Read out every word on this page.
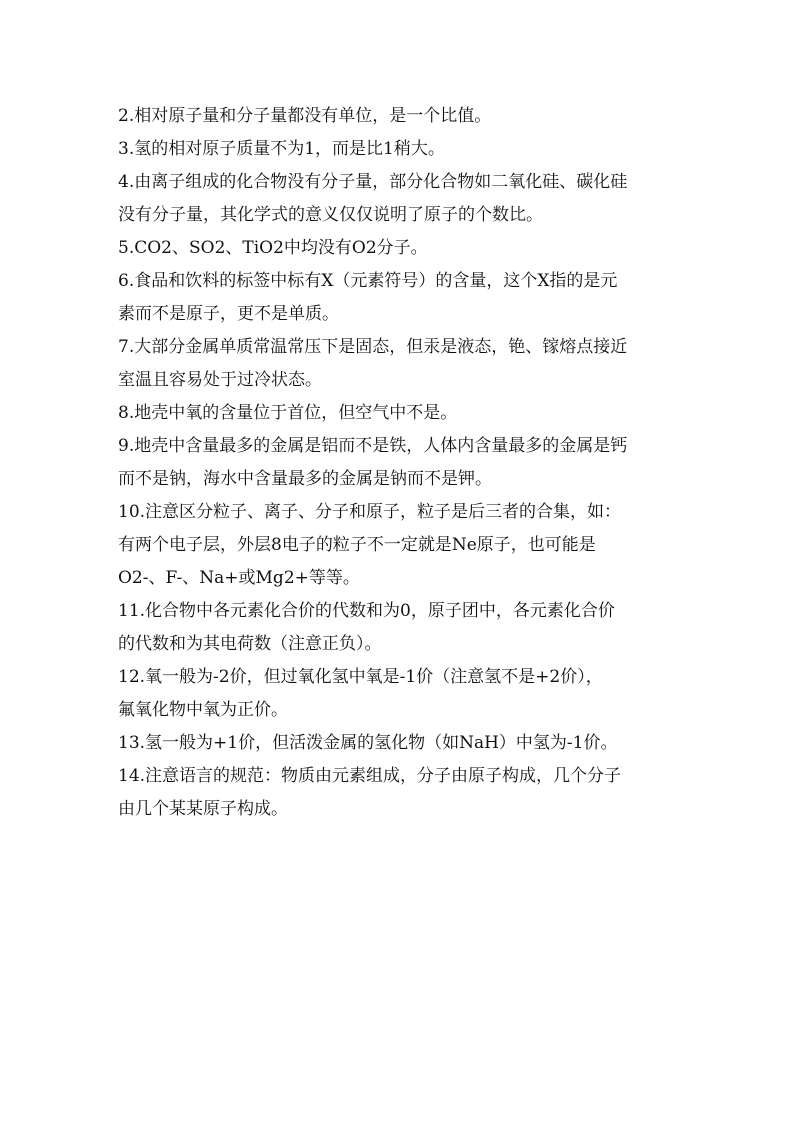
2.相对原子量和分子量都没有单位，是一个比值。
3.氢的相对原子质量不为1，而是比1稍大。
4.由离子组成的化合物没有分子量，部分化合物如二氧化硅、碳化硅
没有分子量，其化学式的意义仅仅说明了原子的个数比。
5.CO2、SO2、TiO2中均没有O2分子。
6.食品和饮料的标签中标有X（元素符号）的含量，这个X指的是元
素而不是原子，更不是单质。
7.大部分金属单质常温常压下是固态，但汞是液态，铯、镓熔点接近
室温且容易处于过冷状态。
8.地壳中氧的含量位于首位，但空气中不是。
9.地壳中含量最多的金属是铝而不是铁，人体内含量最多的金属是钙
而不是钠，海水中含量最多的金属是钠而不是钾。
10.注意区分粒子、离子、分子和原子，粒子是后三者的合集，如：
有两个电子层，外层8电子的粒子不一定就是Ne原子，也可能是
O2-、F-、Na+或Mg2+等等。
11.化合物中各元素化合价的代数和为0，原子团中，各元素化合价
的代数和为其电荷数（注意正负）。
12.氧一般为-2价，但过氧化氢中氧是-1价（注意氢不是+2价），
氟氧化物中氧为正价。
13.氢一般为+1价，但活泼金属的氢化物（如NaH）中氢为-1价。
14.注意语言的规范：物质由元素组成，分子由原子构成，几个分子
由几个某某原子构成。
